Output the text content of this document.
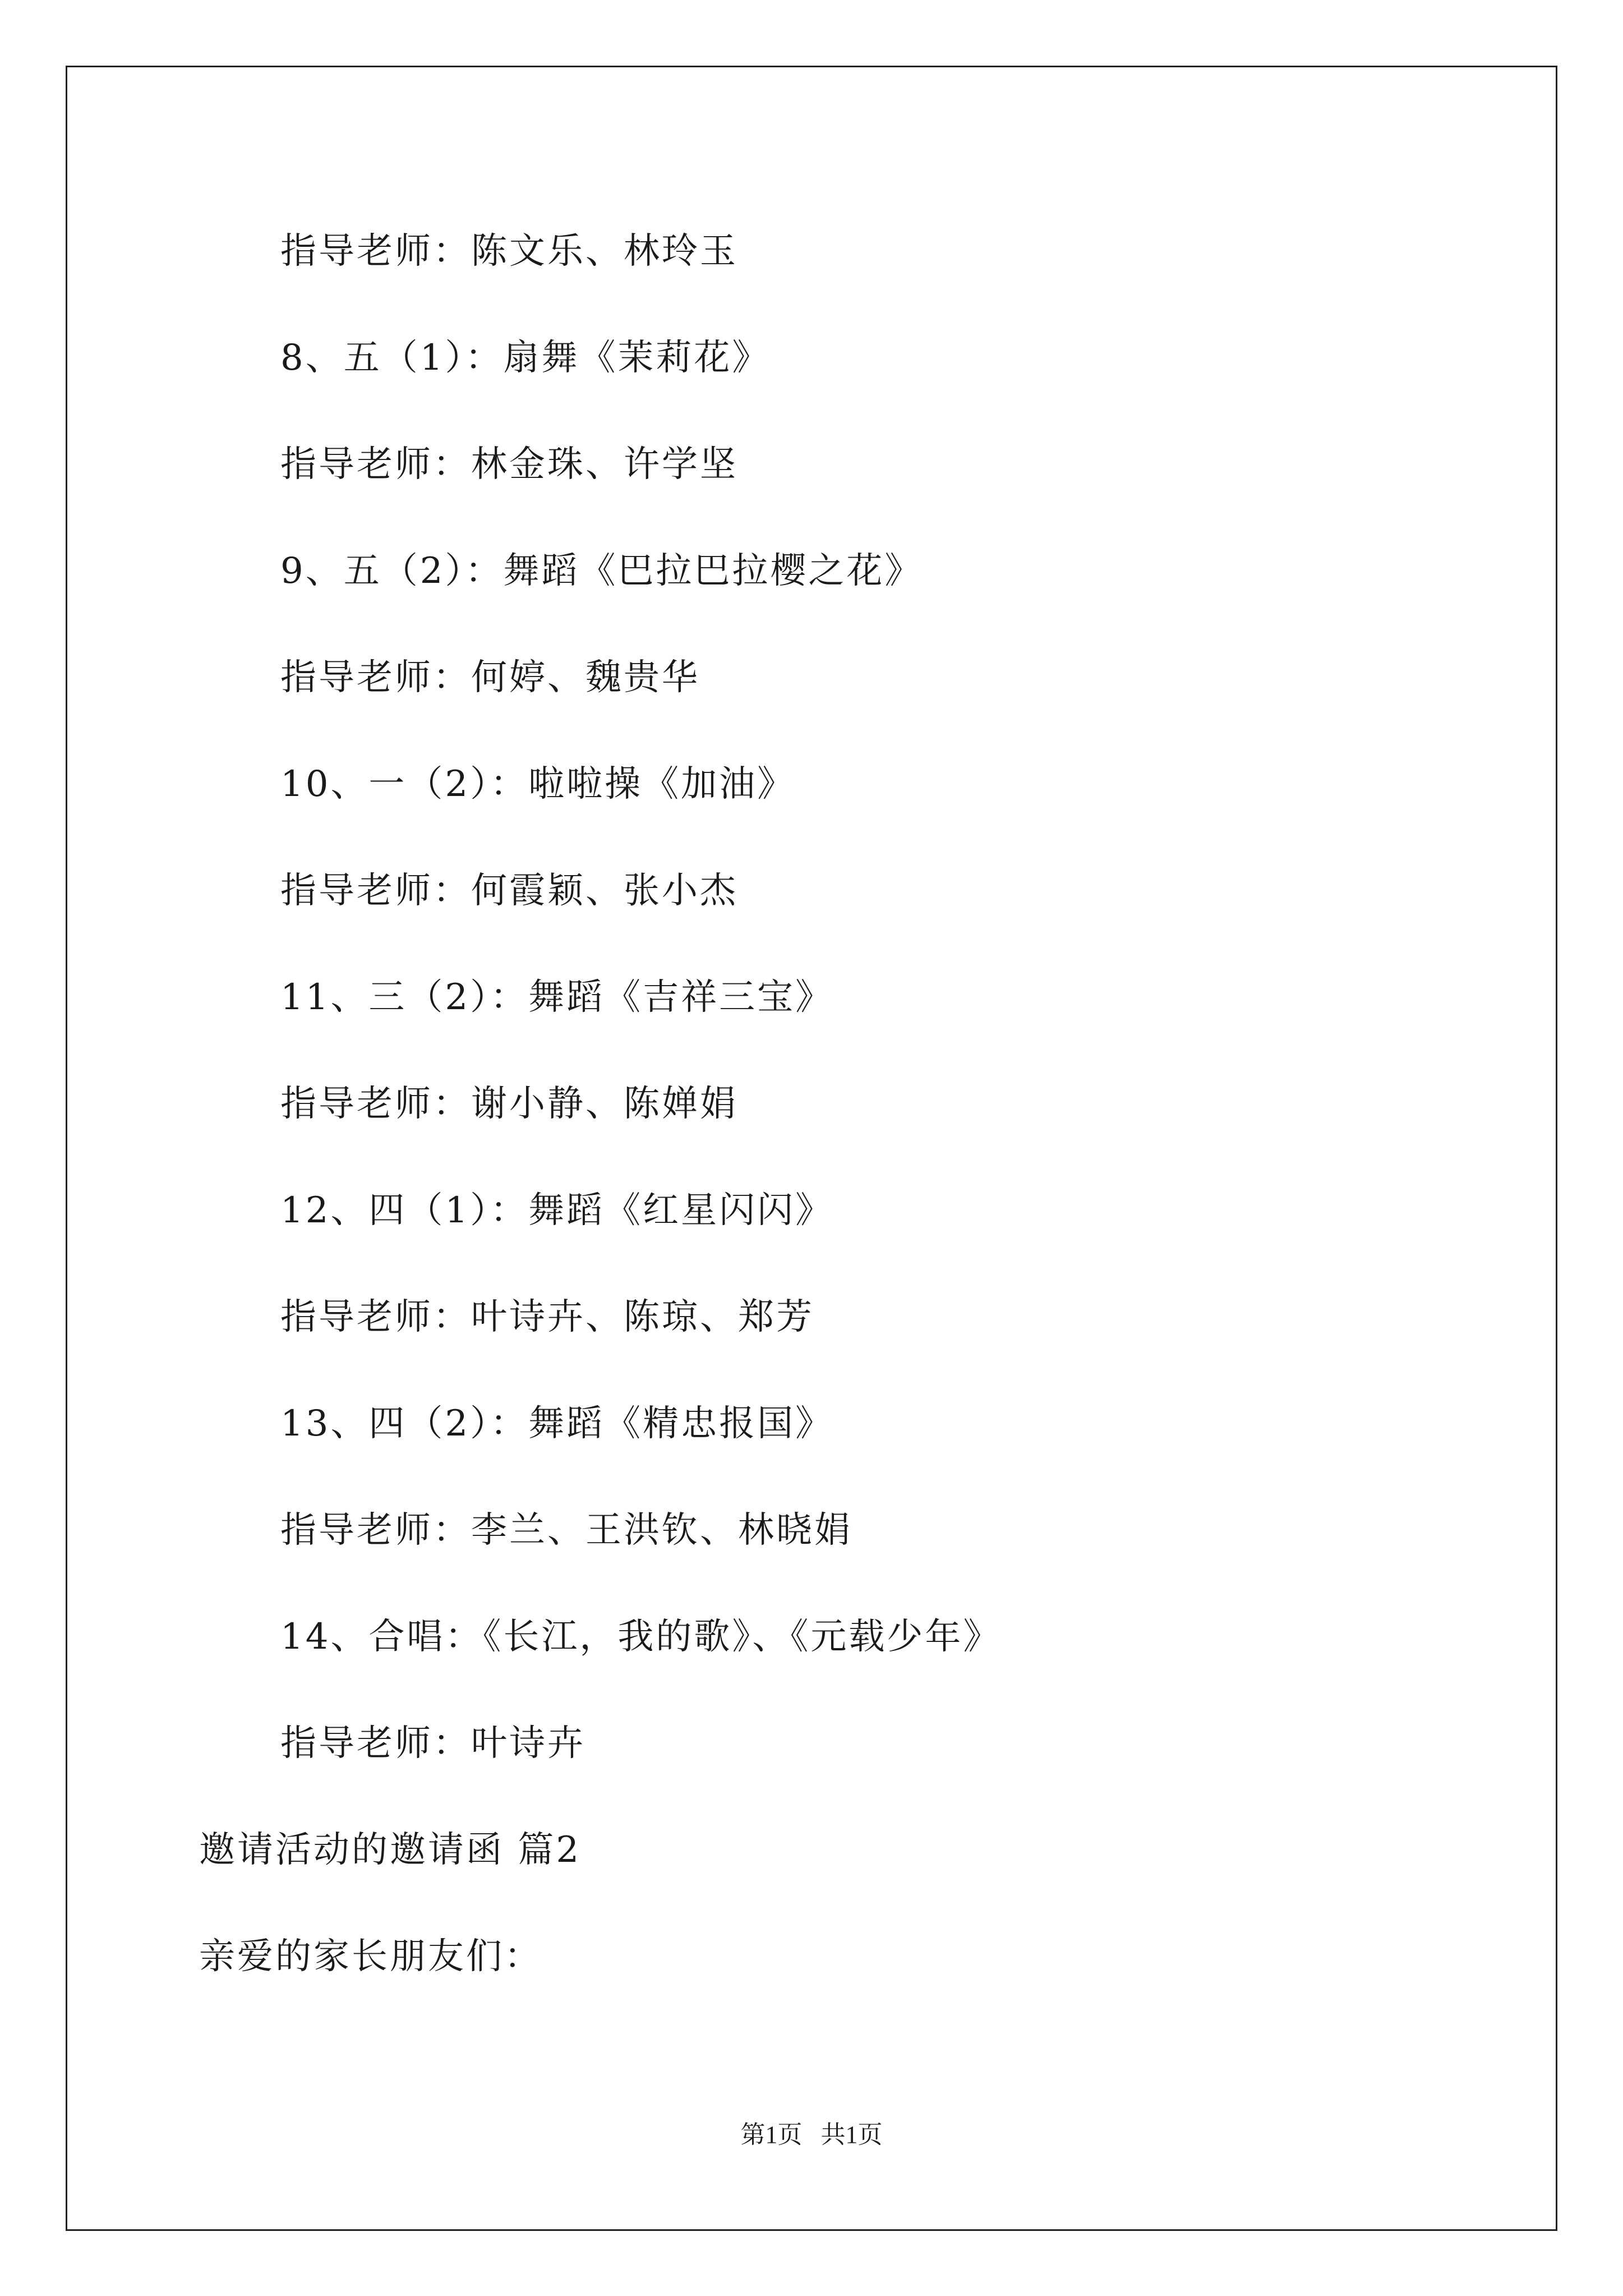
指导老师：陈文乐、林玲玉
8、五（1）：扇舞《茉莉花》
指导老师：林金珠、许学坚
9、五（2）：舞蹈《巴拉巴拉樱之花》
指导老师：何婷、魏贵华
10、一（2）：啦啦操《加油》
指导老师：何霞颖、张小杰
11、三（2）：舞蹈《吉祥三宝》
指导老师：谢小静、陈婵娟
12、四（1）：舞蹈《红星闪闪》
指导老师：叶诗卉、陈琼、郑芳
13、四（2）：舞蹈《精忠报国》
指导老师：李兰、王洪钦、林晓娟
14、合唱：《长江，我的歌》、《元载少年》
指导老师：叶诗卉
邀请活动的邀请函 篇2
亲爱的家长朋友们：
第1页   共1页
